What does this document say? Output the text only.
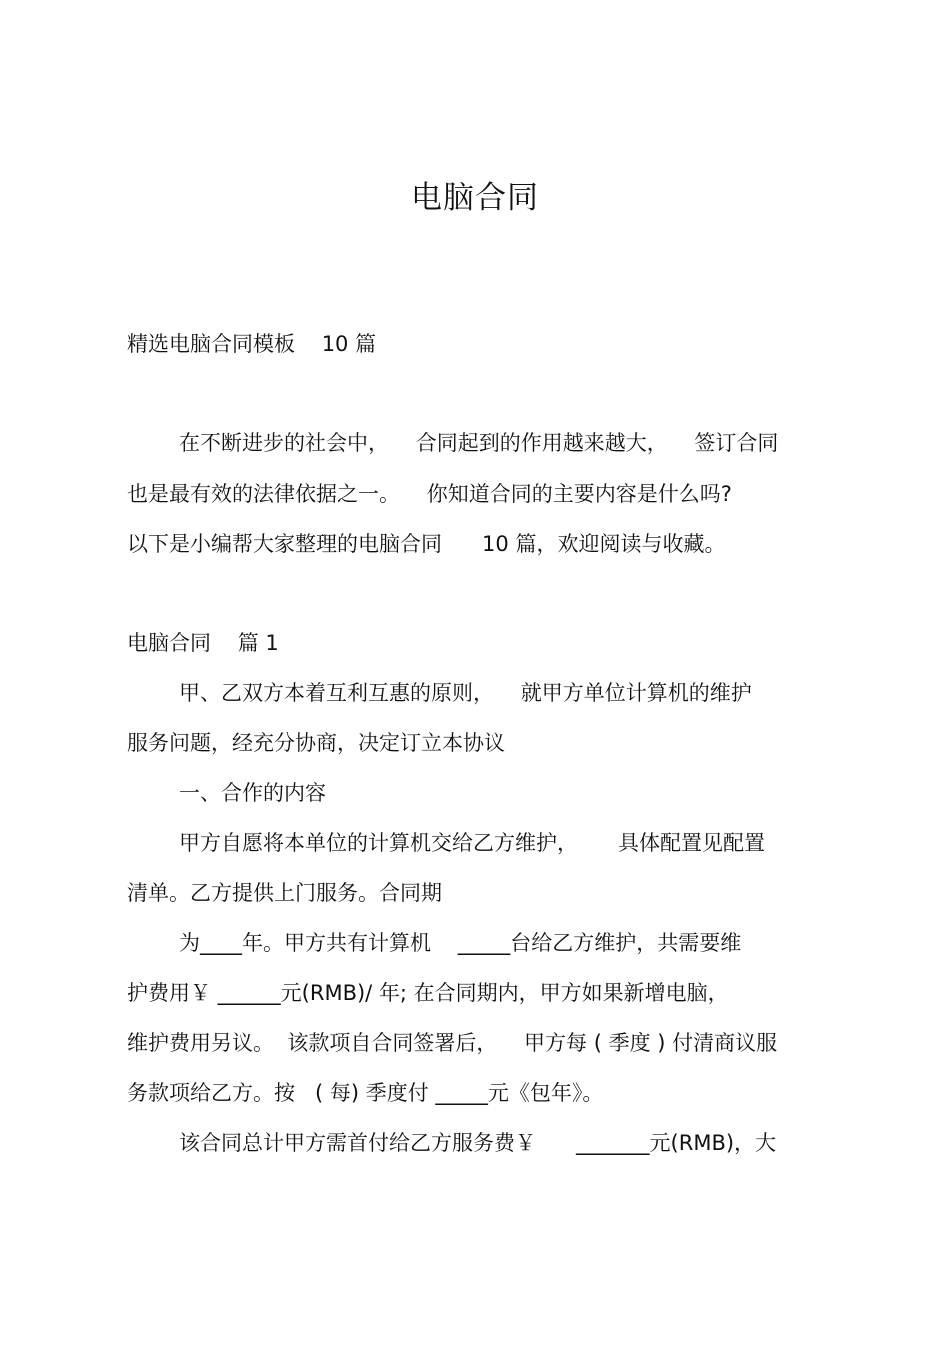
电脑合同
精选电脑合同模板    10 篇
在不断进步的社会中，    合同起到的作用越来越大，    签订合同
也是最有效的法律依据之一。    你知道合同的主要内容是什么吗?
以下是小编帮大家整理的电脑合同      10 篇，欢迎阅读与收藏。
电脑合同    篇 1
甲、乙双方本着互利互惠的原则，    就甲方单位计算机的维护
服务问题，经充分协商，决定订立本协议
一、合作的内容
甲方自愿将本单位的计算机交给乙方维护，      具体配置见配置
清单。乙方提供上门服务。合同期
为____年。甲方共有计算机    _____台给乙方维护，共需要维
护费用￥ ______元(RMB)/ 年; 在合同期内，甲方如果新增电脑，
维护费用另议。  该款项自合同签署后，    甲方每 ( 季度 ) 付清商议服
务款项给乙方。按   ( 每) 季度付 _____元《包年》。
该合同总计甲方需首付给乙方服务费￥      _______元(RMB)，大
